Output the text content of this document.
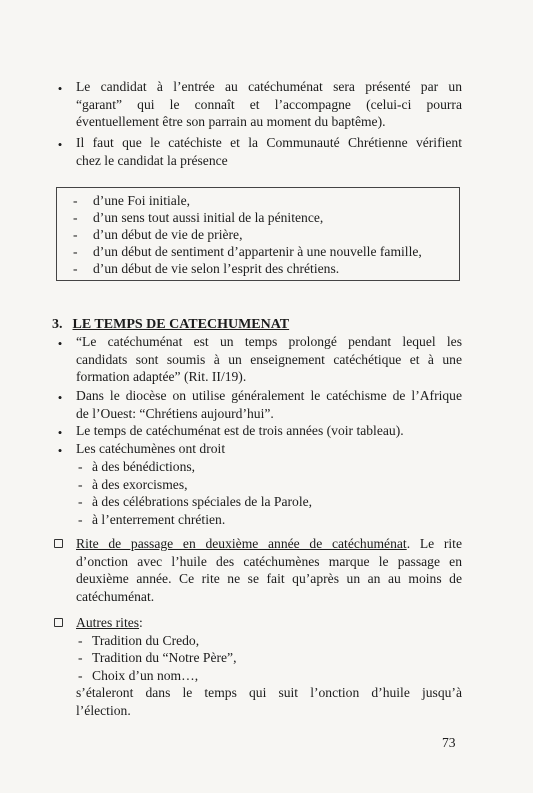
• Le candidat à l’entrée au catéchuménat sera présenté par un
“garant” qui le connaît et l’accompagne (celui-ci pourra
éventuellement être son parrain au moment du baptême).
• Il faut que le catéchiste et la Communauté Chrétienne vérifient
chez le candidat la présence
- d’une Foi initiale,
- d’un sens tout aussi initial de la pénitence,
- d’un début de vie de prière,
- d’un début de sentiment d’appartenir à une nouvelle famille,
- d’un début de vie selon l’esprit des chrétiens.
3. LE TEMPS DE CATECHUMENAT
• “Le catéchuménat est un temps prolongé pendant lequel les
candidats sont soumis à un enseignement catéchétique et à une
formation adaptée” (Rit. II/19).
• Dans le diocèse on utilise généralement le catéchisme de l’Afrique
de l’Ouest: “Chrétiens aujourd’hui”.
• Le temps de catéchuménat est de trois années (voir tableau).
• Les catéchumènes ont droit
- à des bénédictions,
- à des exorcismes,
- à des célébrations spéciales de la Parole,
- à l’enterrement chrétien.
Rite de passage en deuxième année de catéchuménat. Le rite
d’onction avec l’huile des catéchumènes marque le passage en
deuxième année. Ce rite ne se fait qu’après un an au moins de
catéchuménat.
Autres rites:
- Tradition du Credo,
- Tradition du “Notre Père”,
- Choix d’un nom…,
s’étaleront dans le temps qui suit l’onction d’huile jusqu’à
l’élection.
73
